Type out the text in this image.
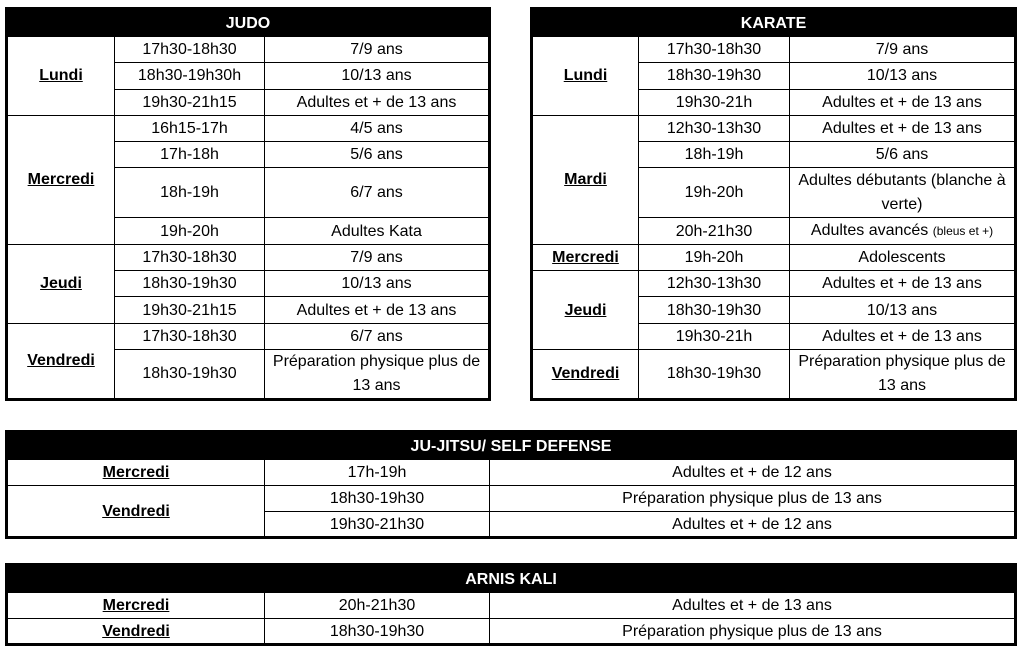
JUDO		
Lundi	17h30-18h30	7/9 ans
	18h30-19h30h	10/13 ans
	19h30-21h15	Adultes et + de 13 ans
Mercredi	16h15-17h	4/5 ans
	17h-18h	5/6 ans
	18h-19h	6/7 ans
	19h-20h	Adultes Kata
Jeudi	17h30-18h30	7/9 ans
	18h30-19h30	10/13 ans
	19h30-21h15	Adultes et + de 13 ans
Vendredi	17h30-18h30	6/7 ans
	18h30-19h30	Préparation physique plus de 13 ans
KARATE		
Lundi	17h30-18h30	7/9 ans
	18h30-19h30	10/13 ans
	19h30-21h	Adultes et + de 13 ans
Mardi	12h30-13h30	Adultes et + de 13 ans
	18h-19h	5/6 ans
	19h-20h	Adultes débutants (blanche à verte)
	20h-21h30	Adultes avancés (bleus et +)
Mercredi	19h-20h	Adolescents
Jeudi	12h30-13h30	Adultes et + de 13 ans
	18h30-19h30	10/13 ans
	19h30-21h	Adultes et + de 13 ans
Vendredi	18h30-19h30	Préparation physique plus de 13 ans
JU-JITSU/ SELF DEFENSE		
Mercredi	17h-19h	Adultes et + de 12 ans
Vendredi	18h30-19h30	Préparation physique plus de 13 ans
	19h30-21h30	Adultes et + de 12 ans
ARNIS KALI		
Mercredi	20h-21h30	Adultes et + de 13 ans
Vendredi	18h30-19h30	Préparation physique plus de 13 ans
